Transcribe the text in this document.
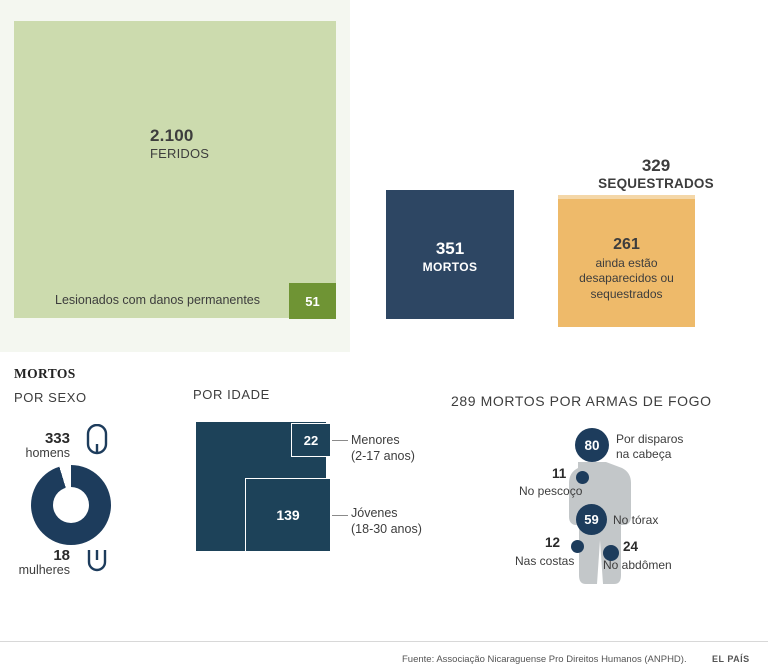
2.100
FERIDOS
Lesionados com danos permanentes	51
351
MORTOS
329
SEQUESTRADOS
261
ainda estão desaparecidos ou sequestrados
MORTOS
POR SEXO	POR IDADE	289 MORTOS POR ARMAS DE FOGO
333
homens
18
mulheres
22
139
Menores
(2-17 anos)
Jóvenes
(18-30 anos)
80 Por disparos
na cabeça
11
No pescoço
59 No tórax
12
Nas costas
24
No abdômen
Fuente: Associação Nicaraguense Pro Direitos Humanos (ANPHD).	EL PAÍS
